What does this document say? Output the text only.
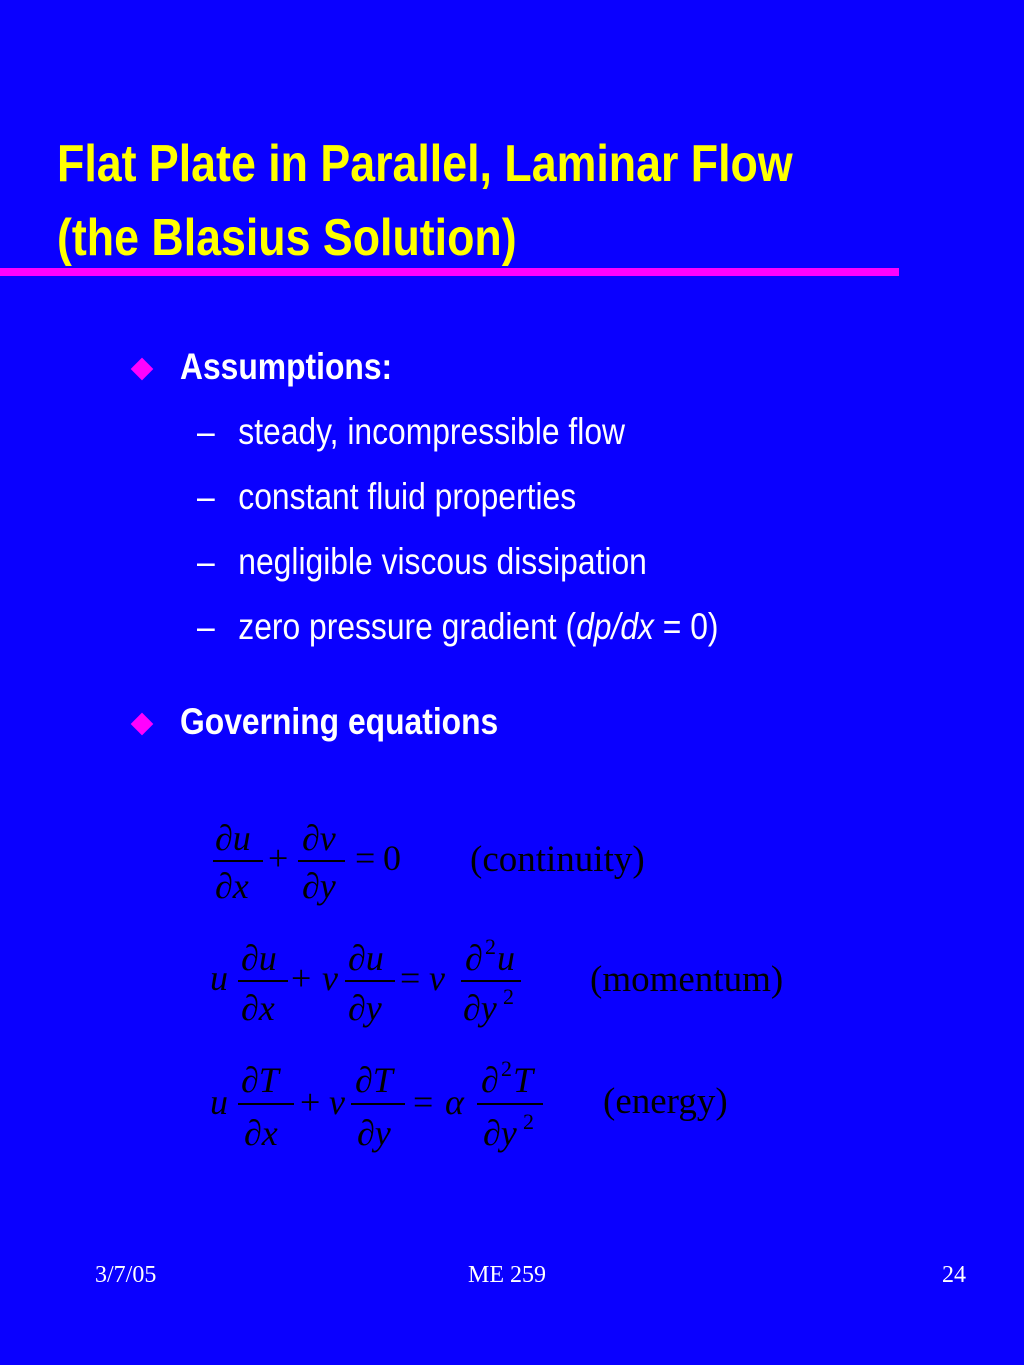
Flat Plate in Parallel, Laminar Flow
(the Blasius Solution)
Assumptions:
– steady, incompressible flow
– constant fluid properties
– negligible viscous dissipation
– zero pressure gradient (dp/dx = 0)
Governing equations
∂u
∂x
+ ∂v
∂y
= 0 (continuity)
u ∂u
∂x
+ v ∂u
∂y
= ν ∂ 2 u
∂y 2 (momentum)
u
∂T
∂x
+ v
∂T
∂y
= α
∂ 2 T
∂y 2 (energy)
3/7/05	ME 259	24
